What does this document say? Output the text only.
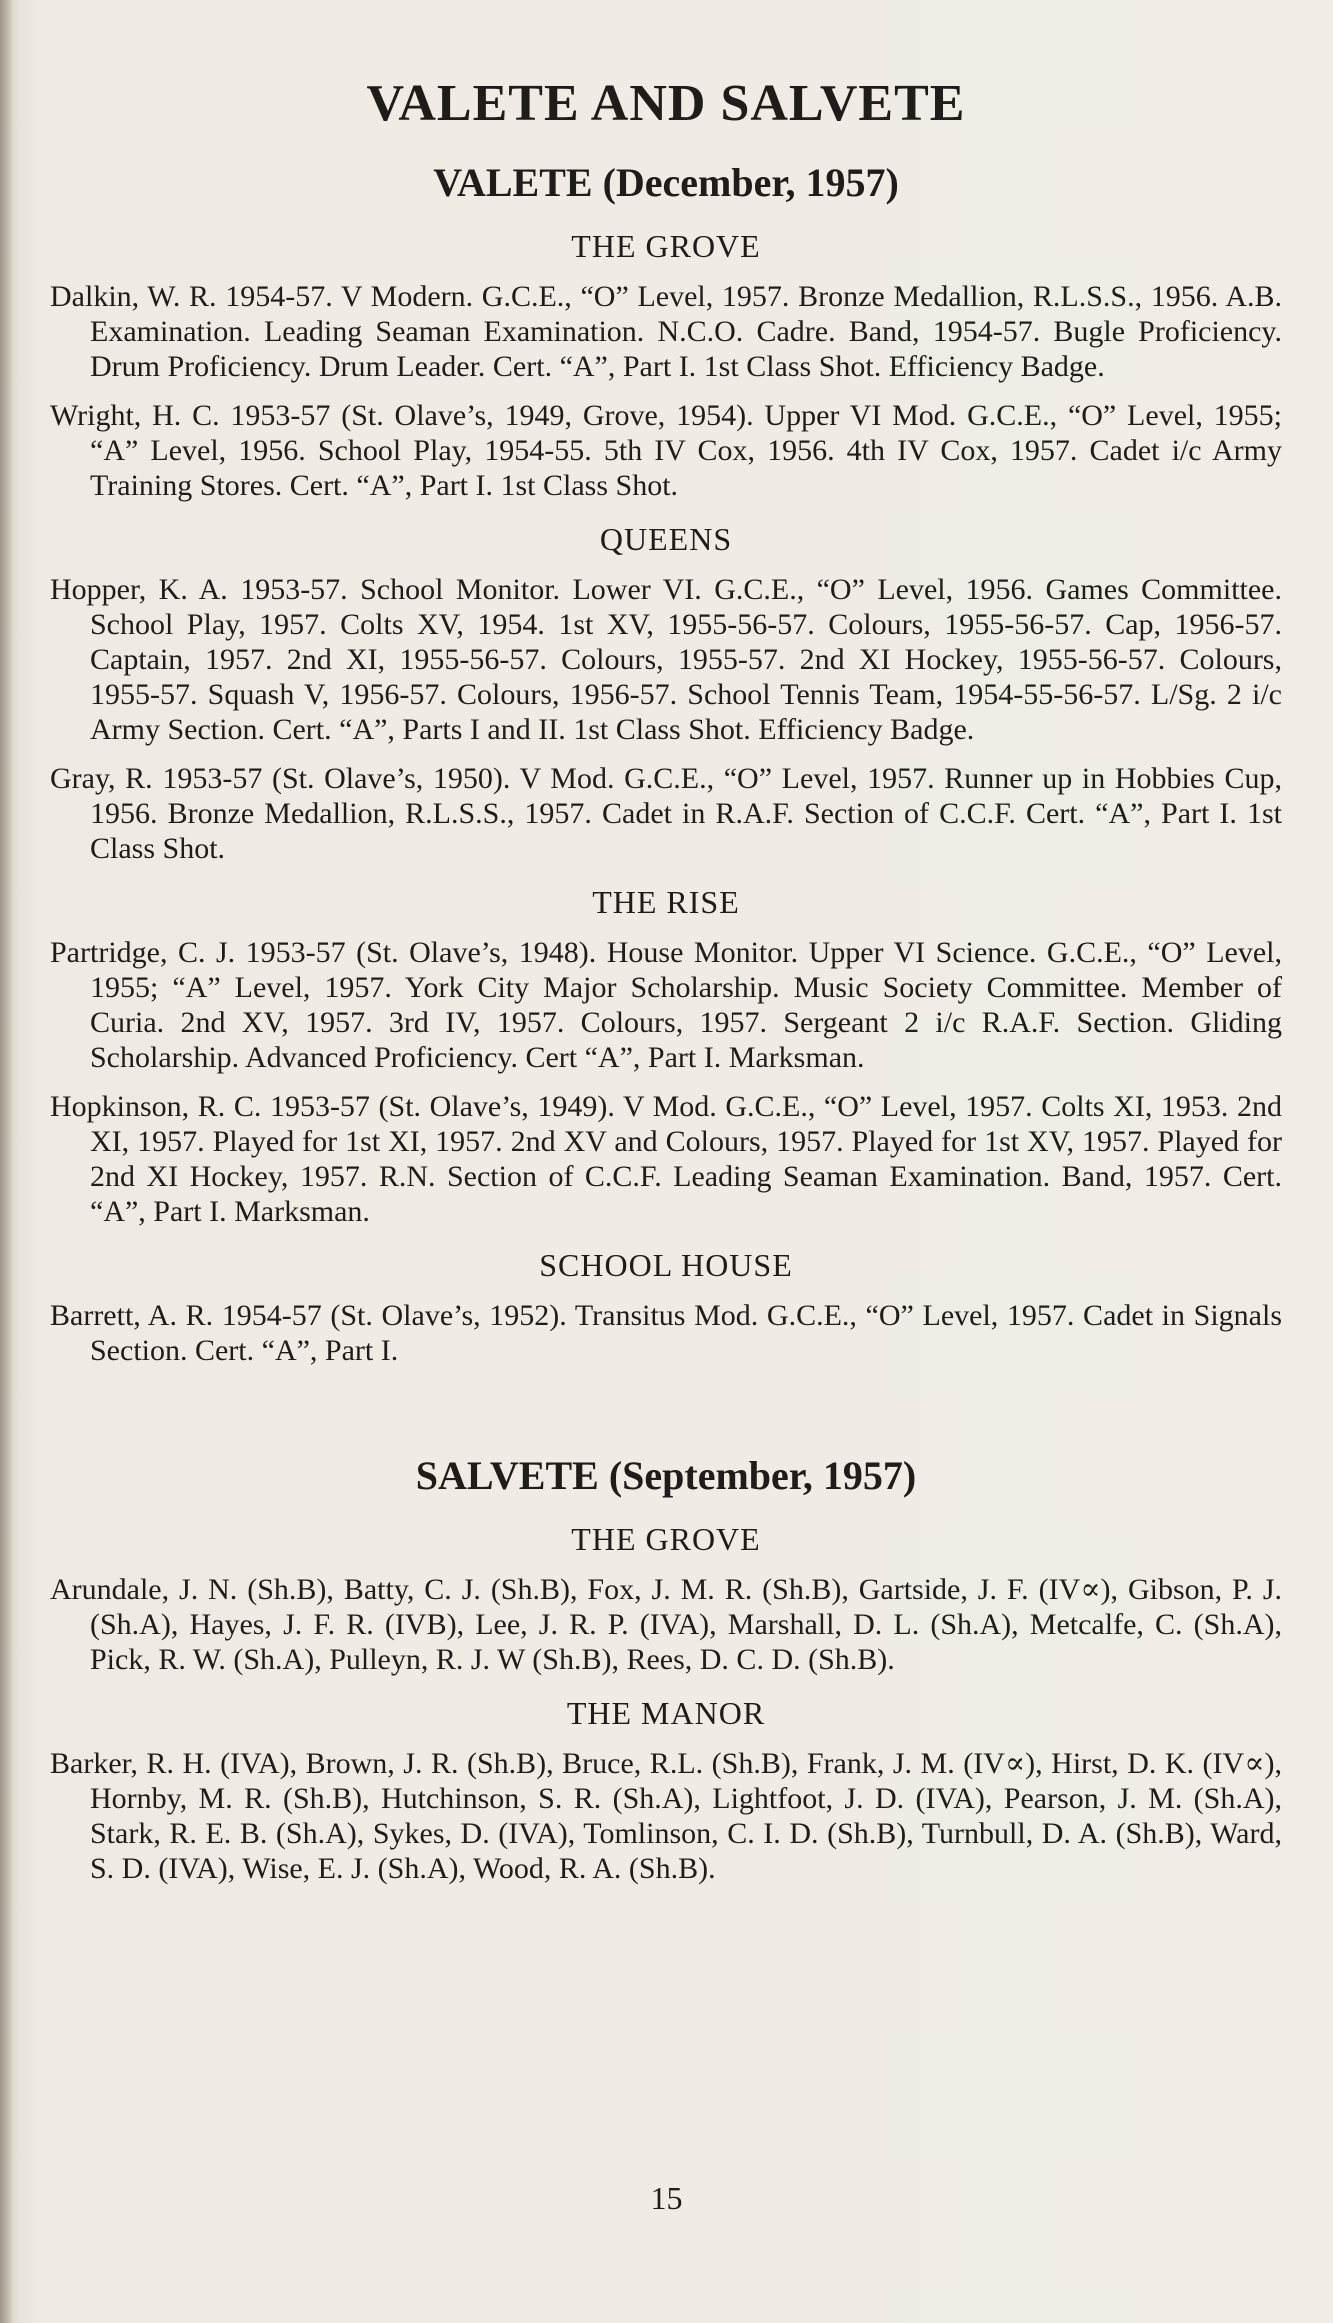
VALETE AND SALVETE
VALETE (December, 1957)
THE GROVE

Dalkin, W. R. 1954-57. V Modern. G.C.E., “O” Level, 1957. Bronze Medallion, R.L.S.S., 1956. A.B. Examination. Leading Seaman Examination. N.C.O. Cadre. Band, 1954-57. Bugle Proficiency. Drum Proficiency. Drum Leader. Cert. “A”, Part I. 1st Class Shot. Efficiency Badge.

Wright, H. C. 1953-57 (St. Olave’s, 1949, Grove, 1954). Upper VI Mod. G.C.E., “O” Level, 1955; “A” Level, 1956. School Play, 1954-55. 5th IV Cox, 1956. 4th IV Cox, 1957. Cadet i/c Army Training Stores. Cert. “A”, Part I. 1st Class Shot.

QUEENS

Hopper, K. A. 1953-57. School Monitor. Lower VI. G.C.E., “O” Level, 1956. Games Committee. School Play, 1957. Colts XV, 1954. 1st XV, 1955-56-57. Colours, 1955-56-57. Cap, 1956-57. Captain, 1957. 2nd XI, 1955-56-57. Colours, 1955-57. 2nd XI Hockey, 1955-56-57. Colours, 1955-57. Squash V, 1956-57. Colours, 1956-57. School Tennis Team, 1954-55-56-57. L/Sg. 2 i/c Army Section. Cert. “A”, Parts I and II. 1st Class Shot. Efficiency Badge.

Gray, R. 1953-57 (St. Olave’s, 1950). V Mod. G.C.E., “O” Level, 1957. Runner up in Hobbies Cup, 1956. Bronze Medallion, R.L.S.S., 1957. Cadet in R.A.F. Section of C.C.F. Cert. “A”, Part I. 1st Class Shot.

THE RISE

Partridge, C. J. 1953-57 (St. Olave’s, 1948). House Monitor. Upper VI Science. G.C.E., “O” Level, 1955; “A” Level, 1957. York City Major Scholarship. Music Society Committee. Member of Curia. 2nd XV, 1957. 3rd IV, 1957. Colours, 1957. Sergeant 2 i/c R.A.F. Section. Gliding Scholarship. Advanced Proficiency. Cert “A”, Part I. Marksman.

Hopkinson, R. C. 1953-57 (St. Olave’s, 1949). V Mod. G.C.E., “O” Level, 1957. Colts XI, 1953. 2nd XI, 1957. Played for 1st XI, 1957. 2nd XV and Colours, 1957. Played for 1st XV, 1957. Played for 2nd XI Hockey, 1957. R.N. Section of C.C.F. Leading Seaman Examination. Band, 1957. Cert. “A”, Part I. Marksman.

SCHOOL HOUSE

Barrett, A. R. 1954-57 (St. Olave’s, 1952). Transitus Mod. G.C.E., “O” Level, 1957. Cadet in Signals Section. Cert. “A”, Part I.

SALVETE (September, 1957)
THE GROVE

Arundale, J. N. (Sh.B), Batty, C. J. (Sh.B), Fox, J. M. R. (Sh.B), Gartside, J. F. (IV∝), Gibson, P. J. (Sh.A), Hayes, J. F. R. (IVB), Lee, J. R. P. (IVA), Marshall, D. L. (Sh.A), Metcalfe, C. (Sh.A), Pick, R. W. (Sh.A), Pulleyn, R. J. W (Sh.B), Rees, D. C. D. (Sh.B).

THE MANOR

Barker, R. H. (IVA), Brown, J. R. (Sh.B), Bruce, R.L. (Sh.B), Frank, J. M. (IV∝), Hirst, D. K. (IV∝), Hornby, M. R. (Sh.B), Hutchinson, S. R. (Sh.A), Lightfoot, J. D. (IVA), Pearson, J. M. (Sh.A), Stark, R. E. B. (Sh.A), Sykes, D. (IVA), Tomlinson, C. I. D. (Sh.B), Turnbull, D. A. (Sh.B), Ward, S. D. (IVA), Wise, E. J. (Sh.A), Wood, R. A. (Sh.B).

15
